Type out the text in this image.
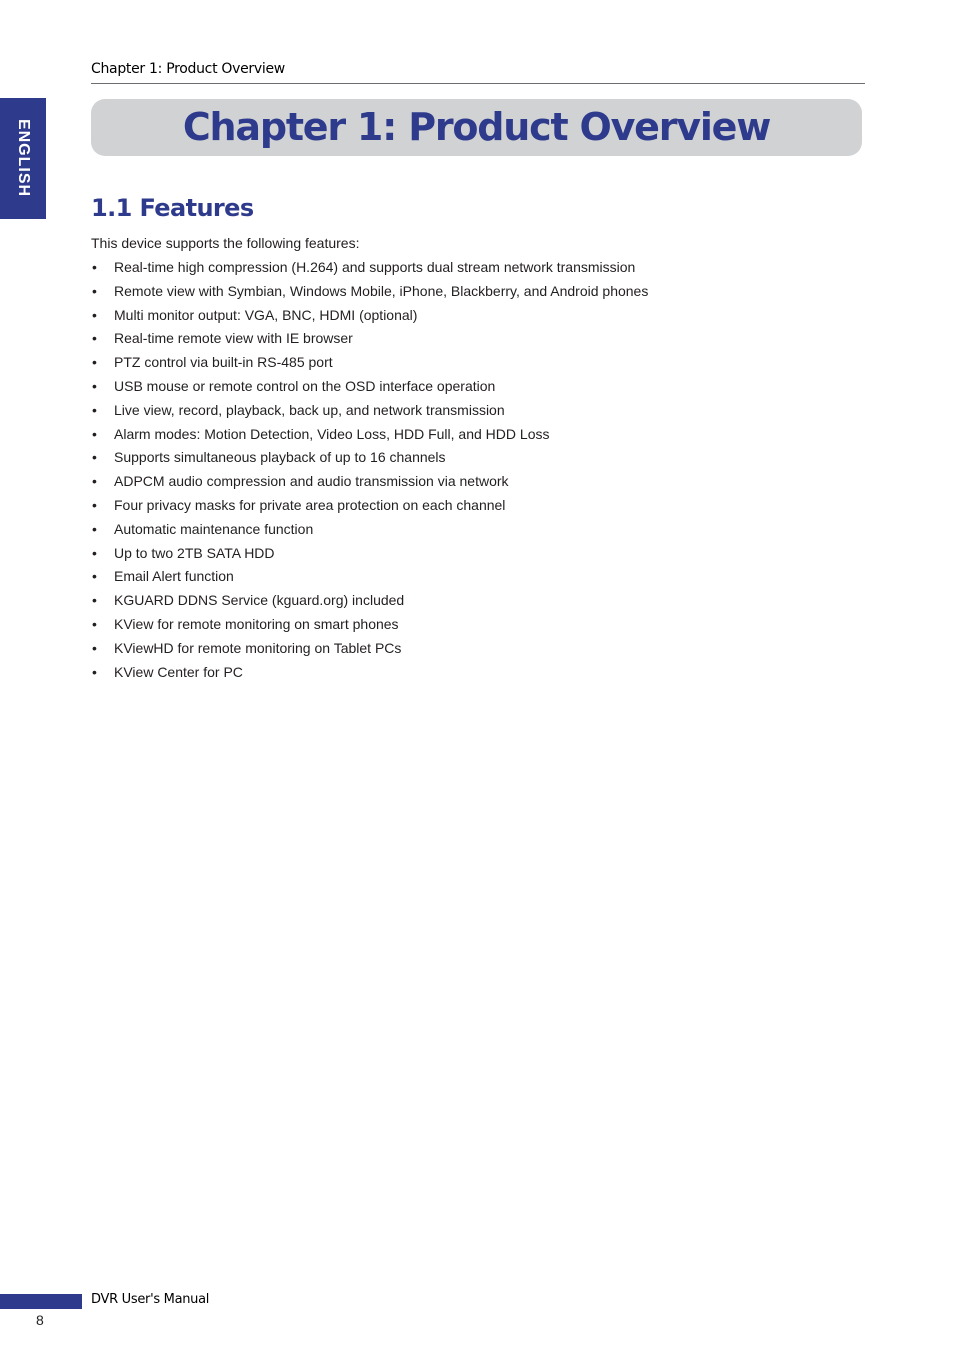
ENGLISH
Chapter 1: Product Overview
Chapter 1: Product Overview
1.1 Features

This device supports the following features:

• Real-time high compression (H.264) and supports dual stream network transmission
• Remote view with Symbian, Windows Mobile, iPhone, Blackberry, and Android phones
• Multi monitor output: VGA, BNC, HDMI (optional)
• Real-time remote view with IE browser
• PTZ control via built-in RS-485 port
• USB mouse or remote control on the OSD interface operation
• Live view, record, playback, back up, and network transmission
• Alarm modes: Motion Detection, Video Loss, HDD Full, and HDD Loss
• Supports simultaneous playback of up to 16 channels
• ADPCM audio compression and audio transmission via network
• Four privacy masks for private area protection on each channel
• Automatic maintenance function
• Up to two 2TB SATA HDD
• Email Alert function
• KGUARD DDNS Service (kguard.org) included
• KView for remote monitoring on smart phones
• KViewHD for remote monitoring on Tablet PCs
• KView Center for PC
DVR User's Manual
8
